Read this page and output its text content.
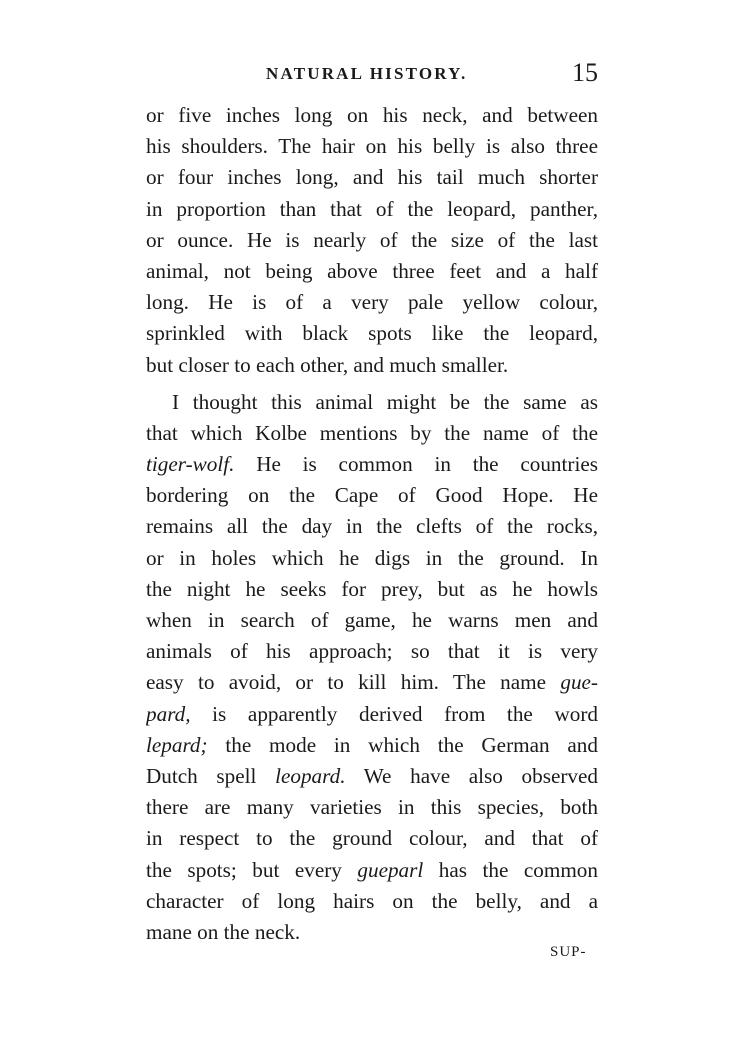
NATURAL HISTORY.	15
or five inches long on his neck, and between
his shoulders. The hair on his belly is also three
or four inches long, and his tail much shorter
in proportion than that of the leopard, panther,
or ounce. He is nearly of the size of the last
animal, not being above three feet and a half
long. He is of a very pale yellow colour,
sprinkled with black spots like the leopard,
but closer to each other, and much smaller.
I thought this animal might be the same as
that which Kolbe mentions by the name of the
tiger-wolf. He is common in the countries
bordering on the Cape of Good Hope. He
remains all the day in the clefts of the rocks,
or in holes which he digs in the ground. In
the night he seeks for prey, but as he howls
when in search of game, he warns men and
animals of his approach; so that it is very
easy to avoid, or to kill him. The name gue-
pard, is apparently derived from the word
lepard; the mode in which the German and
Dutch spell leopard. We have also observed
there are many varieties in this species, both
in respect to the ground colour, and that of
the spots; but every gueparl has the common
character of long hairs on the belly, and a
mane on the neck.
SUP-
